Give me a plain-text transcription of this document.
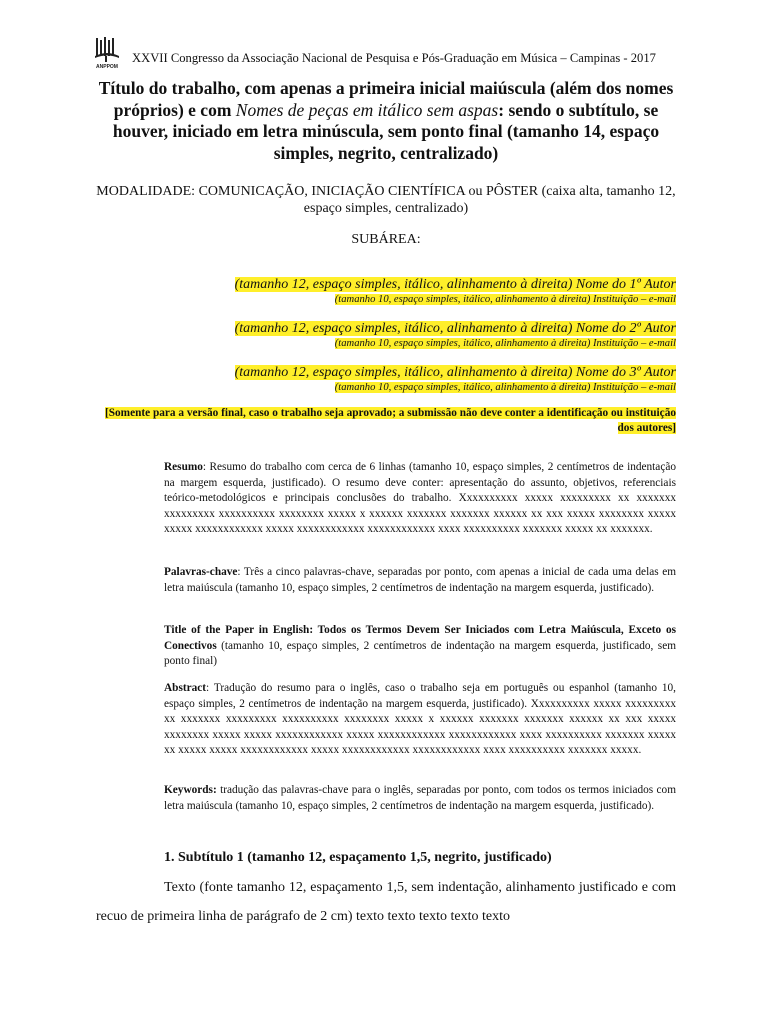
ANPPOM
XXVII Congresso da Associação Nacional de Pesquisa e Pós-Graduação em Música – Campinas - 2017
Título do trabalho, com apenas a primeira inicial maiúscula (além dos nomes próprios) e com Nomes de peças em itálico sem aspas: sendo o subtítulo, se houver, iniciado em letra minúscula, sem ponto final (tamanho 14, espaço simples, negrito, centralizado)
MODALIDADE: COMUNICAÇÃO, INICIAÇÃO CIENTÍFICA ou PÔSTER (caixa alta, tamanho 12, espaço simples, centralizado)
SUBÁREA:
(tamanho 12, espaço simples, itálico, alinhamento à direita) Nome do 1º Autor
(tamanho 10, espaço simples, itálico, alinhamento à direita) Instituição – e-mail
(tamanho 12, espaço simples, itálico, alinhamento à direita) Nome do 2º Autor
(tamanho 10, espaço simples, itálico, alinhamento à direita) Instituição – e-mail
(tamanho 12, espaço simples, itálico, alinhamento à direita) Nome do 3º Autor
(tamanho 10, espaço simples, itálico, alinhamento à direita) Instituição – e-mail
[Somente para a versão final, caso o trabalho seja aprovado; a submissão não deve conter a identificação ou instituição dos autores]
Resumo: Resumo do trabalho com cerca de 6 linhas (tamanho 10, espaço simples, 2 centímetros de indentação na margem esquerda, justificado). O resumo deve conter: apresentação do assunto, objetivos, referenciais teórico-metodológicos e principais conclusões do trabalho. Xxxxxxxxxx xxxxx xxxxxxxxx xx xxxxxxx xxxxxxxxx xxxxxxxxxx xxxxxxxx xxxxx x xxxxxx xxxxxxx xxxxxxx xxxxxx xx xxx xxxxx xxxxxxxx xxxxx xxxxx xxxxxxxxxxxx xxxxx xxxxxxxxxxxx xxxxxxxxxxxx xxxx xxxxxxxxxx xxxxxxx xxxxx xx xxxxxxx.
Palavras-chave: Três a cinco palavras-chave, separadas por ponto, com apenas a inicial de cada uma delas em letra maiúscula (tamanho 10, espaço simples, 2 centímetros de indentação na margem esquerda, justificado).
Title of the Paper in English: Todos os Termos Devem Ser Iniciados com Letra Maiúscula, Exceto os Conectivos (tamanho 10, espaço simples, 2 centímetros de indentação na margem esquerda, justificado, sem ponto final)
Abstract: Tradução do resumo para o inglês, caso o trabalho seja em português ou espanhol (tamanho 10, espaço simples, 2 centímetros de indentação na margem esquerda, justificado). Xxxxxxxxxx xxxxx xxxxxxxxx xx xxxxxxx xxxxxxxxx xxxxxxxxxx xxxxxxxx xxxxx x xxxxxx xxxxxxx xxxxxxx xxxxxx xx xxx xxxxx xxxxxxxx xxxxx xxxxx xxxxxxxxxxxx xxxxx xxxxxxxxxxxx xxxxxxxxxxxx xxxx xxxxxxxxxx xxxxxxx xxxxx xx xxxxx xxxxx xxxxxxxxxxxx xxxxx xxxxxxxxxxxx xxxxxxxxxxxx xxxx xxxxxxxxxx xxxxxxx xxxxx.
Keywords: tradução das palavras-chave para o inglês, separadas por ponto, com todos os termos iniciados com letra maiúscula (tamanho 10, espaço simples, 2 centímetros de indentação na margem esquerda, justificado).
1. Subtítulo 1 (tamanho 12, espaçamento 1,5, negrito, justificado)
Texto (fonte tamanho 12, espaçamento 1,5, sem indentação, alinhamento justificado e com recuo de primeira linha de parágrafo de 2 cm) texto texto texto texto texto
